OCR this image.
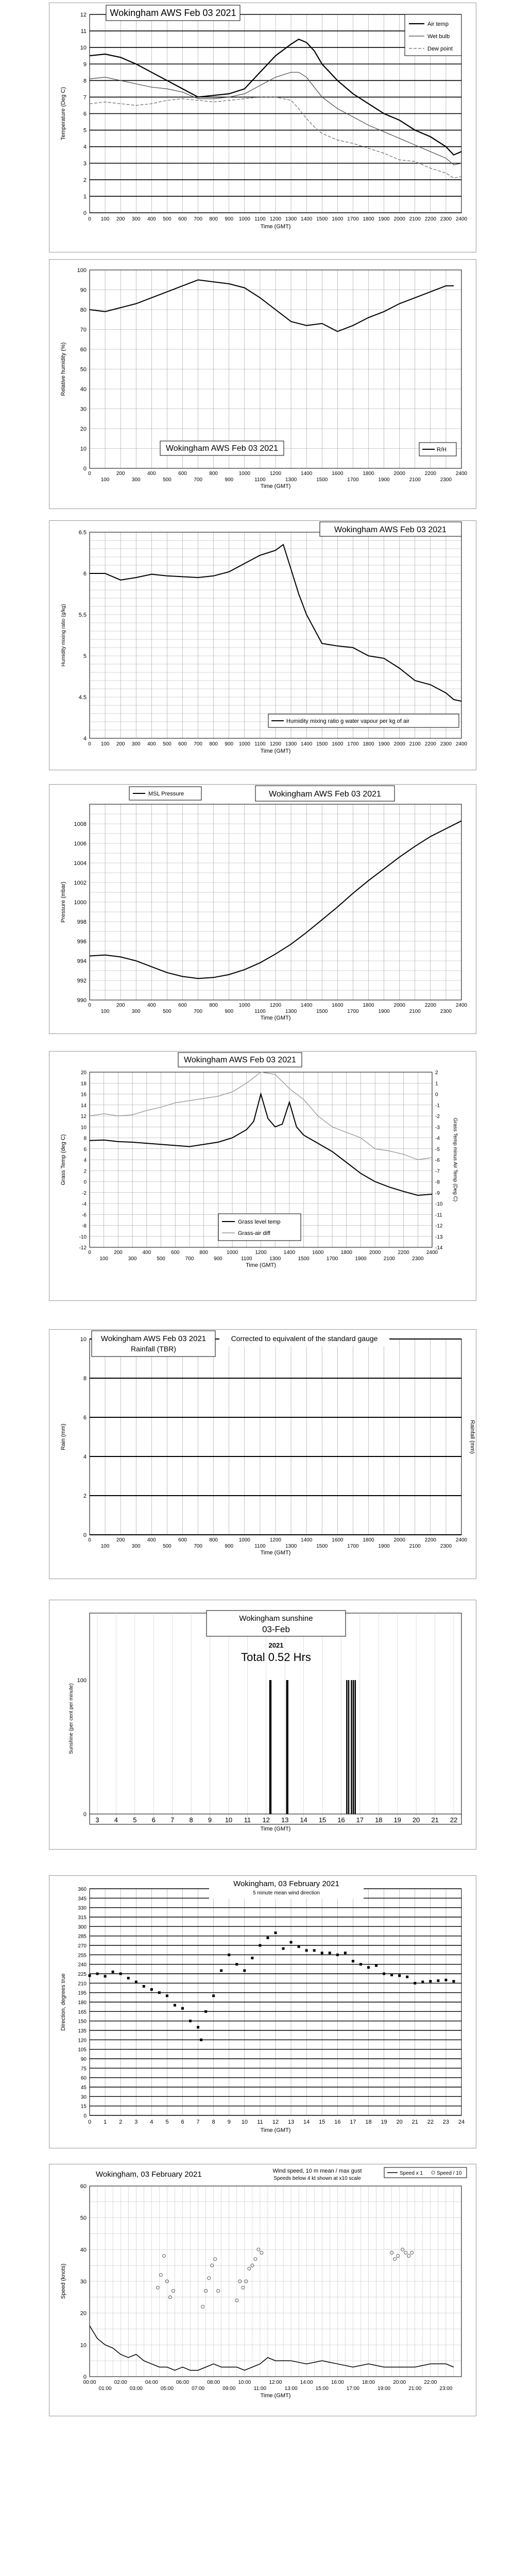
0
1
2
3
4
5
6
7
8
9
10
11
12
0 100 200 300 400 500 600 700 800 900 1000 1100 1200 1300 1400 1500 1600 1700 1800 1900 2000 2100 2200 2300 2400
Time (GMT)
Temperature (Deg C)
Wokingham AWS Feb 03 2021
Air temp
Wet bulb
Dew point
0
10
20
30
40
50
60
70
80
90
100
0	200	400	600	800	1000	1200	1400	1600	1800	2000	2200	2400
100	300	500	700	900	1100	1300	1500	1700	1900	2100	2300
Time (GMT)
Relative humidity (%)
Wokingham AWS Feb 03 2021	R/H
4
4.5
5
5.5
6
6.5
0 100 200 300 400 500 600 700 800 900 1000 1100 1200 1300 1400 1500 1600 1700 1800 1900 2000 2100 2200 2300 2400
Time (GMT)
Humidity mixing ratio (g/kg)
Wokingham AWS Feb 03 2021
Humidity mixing ratio g water vapour per kg of air
990
992
994
996
998
1000
1002
1004
1006
1008
0	200	400	600	800	1000	1200	1400	1600	1800	2000	2200	2400
100	300	500	700	900	1100	1300	1500	1700	1900	2100	2300
Time (GMT)
Pressure (mbar)
MSL Pressure	Wokingham AWS Feb 03 2021
-12
-10
-8
-6
-4
-2
0
2
4
6
8
10
12
14
16
18
20
-14
-13
-12
-11
-10
-9
-8
-7
-6
-5
-4
-3
-2
-1
0
1
2
0	200	400	600	800	1000	1200	1400	1600	1800	2000	2200	2400
100	300	500	700	900	1100	1300	1500	1700	1900	2100	2300
Time (GMT)
Grass Temp (deg C)	Grass Temp minus Air Temp (Deg C)
Wokingham AWS Feb 03 2021
Grass level temp
Grass-air diff
0
2
4
6
8
10
0	200	400	600	800	1000	1200	1400	1600	1800	2000	2200	2400
100	300	500	700	900	1100	1300	1500	1700	1900	2100	2300
Time (GMT)
Rain (mm)	Rainfall (mm)
Wokingham AWS Feb 03 2021
Rainfall (TBR)
Corrected to equivalent of the standard gauge
0
100
3 4 5 6 7 8 9 10 11 12 13 14 15 16 17 18 19 20 21 22
Time (GMT)
Sunshine (per cent per minute)
Wokingham sunshine
03-Feb
2021
Total 0.52 Hrs
0
15
30
45
60
75
90
105
120
135
150
165
180
195
210
225
240
255
270
285
300
315
330
345
360
0 1 2 3 4 5 6 7 8 9 10 11 12 13 14 15 16 17 18 19 20 21 22 23 24
Time (GMT)
Direction, degrees true
Wokingham, 03 February 2021
5 minute mean wind direction
0
10
20
30
40
50
60
00:00	02:00	04:00	06:00	08:00	10:00	12:00	14:00	16:00	18:00	20:00	22:00
01:00	03:00	05:00	07:00	09:00	11:00	13:00	15:00	17:00	19:00	21:00	23:00
Time (GMT)
Speed (knots)
Wokingham, 03 February 2021	Wind speed, 10 m mean / max gust
Speeds below 4 kt shown at x10 scale
Speed x 1	Speed / 10
